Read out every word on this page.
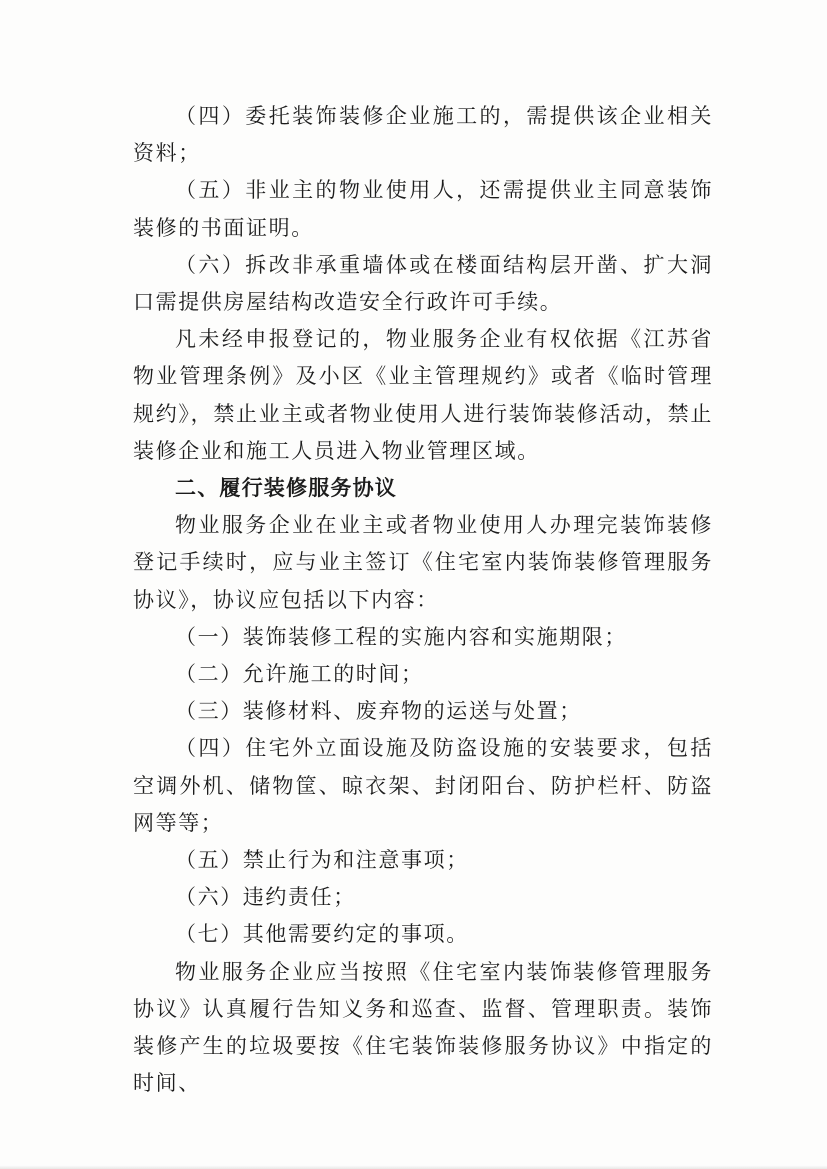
（四）委托装饰装修企业施工的，需提供该企业相关资料；

（五）非业主的物业使用人，还需提供业主同意装饰装修的书面证明。

（六）拆改非承重墙体或在楼面结构层开凿、扩大洞口需提供房屋结构改造安全行政许可手续。

凡未经申报登记的，物业服务企业有权依据《江苏省物业管理条例》及小区《业主管理规约》或者《临时管理规约》，禁止业主或者物业使用人进行装饰装修活动，禁止装修企业和施工人员进入物业管理区域。

二、履行装修服务协议

物业服务企业在业主或者物业使用人办理完装饰装修登记手续时，应与业主签订《住宅室内装饰装修管理服务协议》，协议应包括以下内容：

（一）装饰装修工程的实施内容和实施期限；

（二）允许施工的时间；

（三）装修材料、废弃物的运送与处置；

（四）住宅外立面设施及防盗设施的安装要求，包括空调外机、储物筐、晾衣架、封闭阳台、防护栏杆、防盗网等等；

（五）禁止行为和注意事项；

（六）违约责任；

（七）其他需要约定的事项。

物业服务企业应当按照《住宅室内装饰装修管理服务协议》认真履行告知义务和巡查、监督、管理职责。装饰装修产生的垃圾要按《住宅装饰装修服务协议》中指定的时间、
